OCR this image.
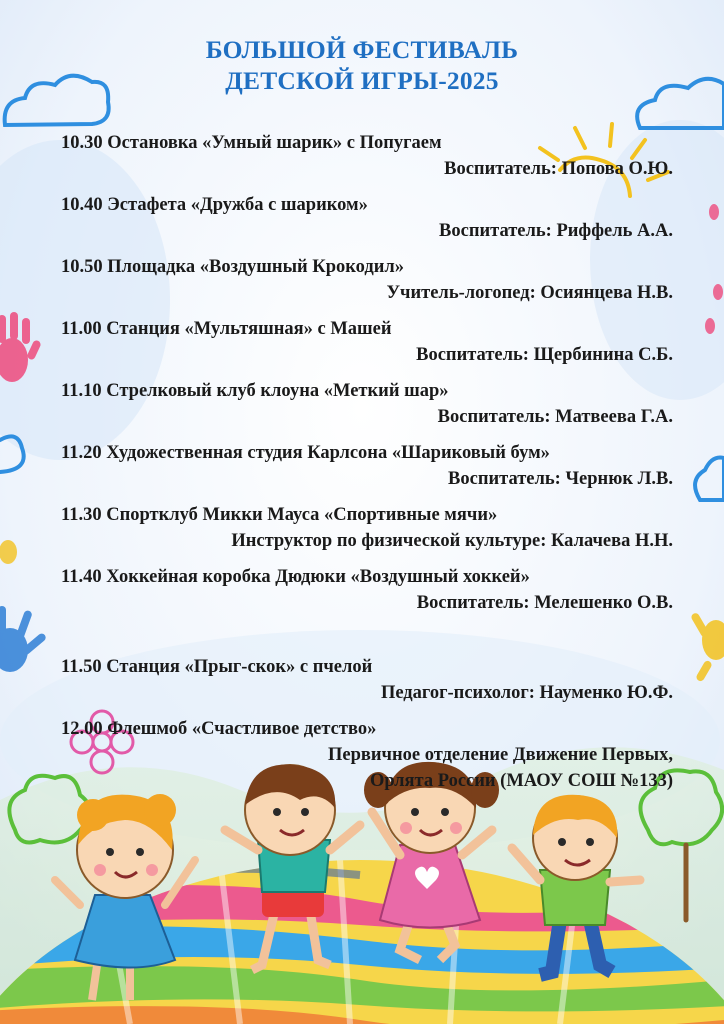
БОЛЬШОЙ ФЕСТИВАЛЬ
ДЕТСКОЙ ИГРЫ-2025
10.30 Остановка «Умный шарик» с Попугаем
Воспитатель: Попова О.Ю.
10.40 Эстафета «Дружба с шариком»
Воспитатель: Риффель А.А.
10.50 Площадка «Воздушный Крокодил»
Учитель-логопед: Осиянцева Н.В.
11.00 Станция «Мультяшная» с Машей
Воспитатель: Щербинина С.Б.
11.10 Стрелковый клуб клоуна «Меткий шар»
Воспитатель: Матвеева Г.А.
11.20 Художественная студия Карлсона «Шариковый бум»
Воспитатель: Чернюк Л.В.
11.30 Спортклуб Микки Мауса «Спортивные мячи»
Инструктор по физической культуре: Калачева Н.Н.
11.40 Хоккейная коробка Дюдюки «Воздушный хоккей»
Воспитатель: Мелешенко О.В.
11.50 Станция «Прыг-скок» с пчелой
Педагог-психолог: Науменко Ю.Ф.
12.00 Флешмоб «Счастливое детство»
Первичное отделение Движение Первых,
Орлята России (МАОУ СОШ №133)
